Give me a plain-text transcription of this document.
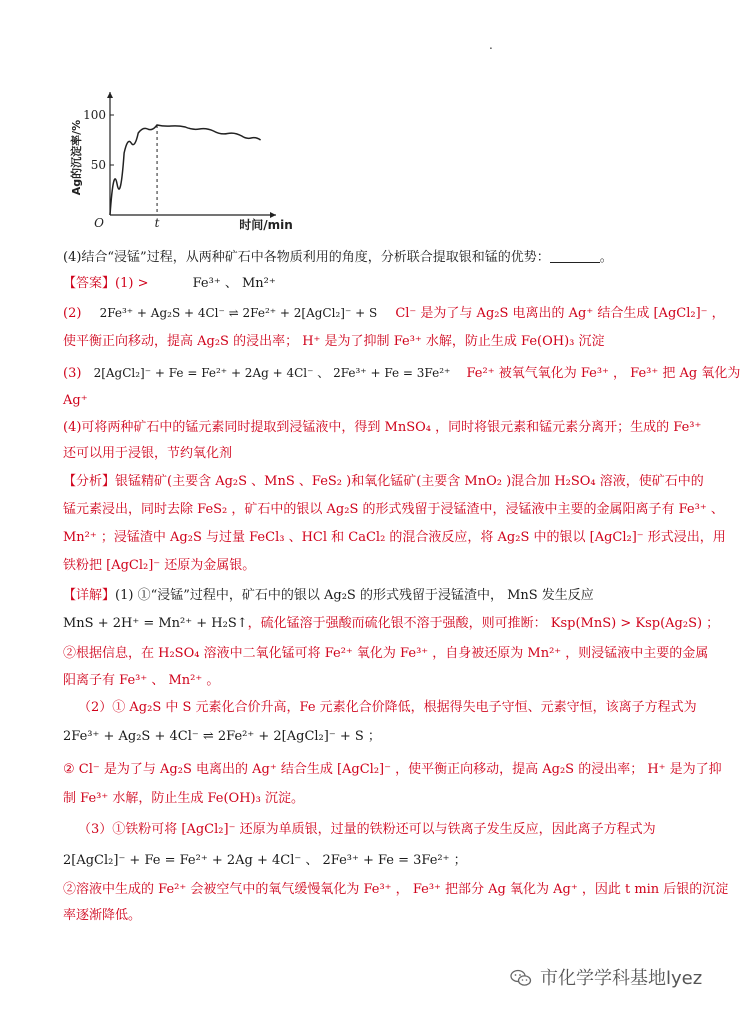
.
100
50
O	t	时间/min
Ag的沉淀率/%
(4)结合“浸锰”过程，从两种矿石中各物质利用的角度，分析联合提取银和锰的优势：	。
【答案】(1) >	Fe³⁺ 、 Mn²⁺
(2) 2Fe³⁺ + Ag₂S + 4Cl⁻ ⇌ 2Fe²⁺ + 2[AgCl₂]⁻ + S Cl⁻ 是为了与 Ag₂S 电离出的 Ag⁺ 结合生成 [AgCl₂]⁻ ，
使平衡正向移动，提高 Ag₂S 的浸出率； H⁺ 是为了抑制 Fe³⁺ 水解，防止生成 Fe(OH)₃ 沉淀
(3) 2[AgCl₂]⁻ + Fe = Fe²⁺ + 2Ag + 4Cl⁻ 、 2Fe³⁺ + Fe = 3Fe²⁺ Fe²⁺ 被氧气氧化为 Fe³⁺ ， Fe³⁺ 把 Ag 氧化为
Ag⁺
(4)可将两种矿石中的锰元素同时提取到浸锰液中，得到 MnSO₄ ，同时将银元素和锰元素分离开；生成的 Fe³⁺
还可以用于浸银，节约氧化剂
【分析】银锰精矿(主要含 Ag₂S 、MnS 、FeS₂ )和氧化锰矿(主要含 MnO₂ )混合加 H₂SO₄ 溶液，使矿石中的
锰元素浸出，同时去除 FeS₂ ，矿石中的银以 Ag₂S 的形式残留于浸锰渣中，浸锰液中主要的金属阳离子有 Fe³⁺ 、
Mn²⁺ ；浸锰渣中 Ag₂S 与过量 FeCl₃ 、HCl 和 CaCl₂ 的混合液反应，将 Ag₂S 中的银以 [AgCl₂]⁻ 形式浸出，用
铁粉把 [AgCl₂]⁻ 还原为金属银。
【详解】(1) ①“浸锰”过程中，矿石中的银以 Ag₂S 的形式残留于浸锰渣中， MnS 发生反应
MnS + 2H⁺ = Mn²⁺ + H₂S↑，硫化锰溶于强酸而硫化银不溶于强酸，则可推断： Ksp(MnS) > Ksp(Ag₂S) ；
②根据信息，在 H₂SO₄ 溶液中二氧化锰可将 Fe²⁺ 氧化为 Fe³⁺ ，自身被还原为 Mn²⁺ ，则浸锰液中主要的金属
阳离子有 Fe³⁺ 、 Mn²⁺ 。
（2）① Ag₂S 中 S 元素化合价升高，Fe 元素化合价降低，根据得失电子守恒、元素守恒，该离子方程式为
2Fe³⁺ + Ag₂S + 4Cl⁻ ⇌ 2Fe²⁺ + 2[AgCl₂]⁻ + S ；
② Cl⁻ 是为了与 Ag₂S 电离出的 Ag⁺ 结合生成 [AgCl₂]⁻ ，使平衡正向移动，提高 Ag₂S 的浸出率； H⁺ 是为了抑
制 Fe³⁺ 水解，防止生成 Fe(OH)₃ 沉淀。
（3）①铁粉可将 [AgCl₂]⁻ 还原为单质银，过量的铁粉还可以与铁离子发生反应，因此离子方程式为
2[AgCl₂]⁻ + Fe = Fe²⁺ + 2Ag + 4Cl⁻ 、 2Fe³⁺ + Fe = 3Fe²⁺ ；
②溶液中生成的 Fe²⁺ 会被空气中的氧气缓慢氧化为 Fe³⁺ ， Fe³⁺ 把部分 Ag 氧化为 Ag⁺ ，因此 t min 后银的沉淀
率逐渐降低。
市化学学科基地lyez
